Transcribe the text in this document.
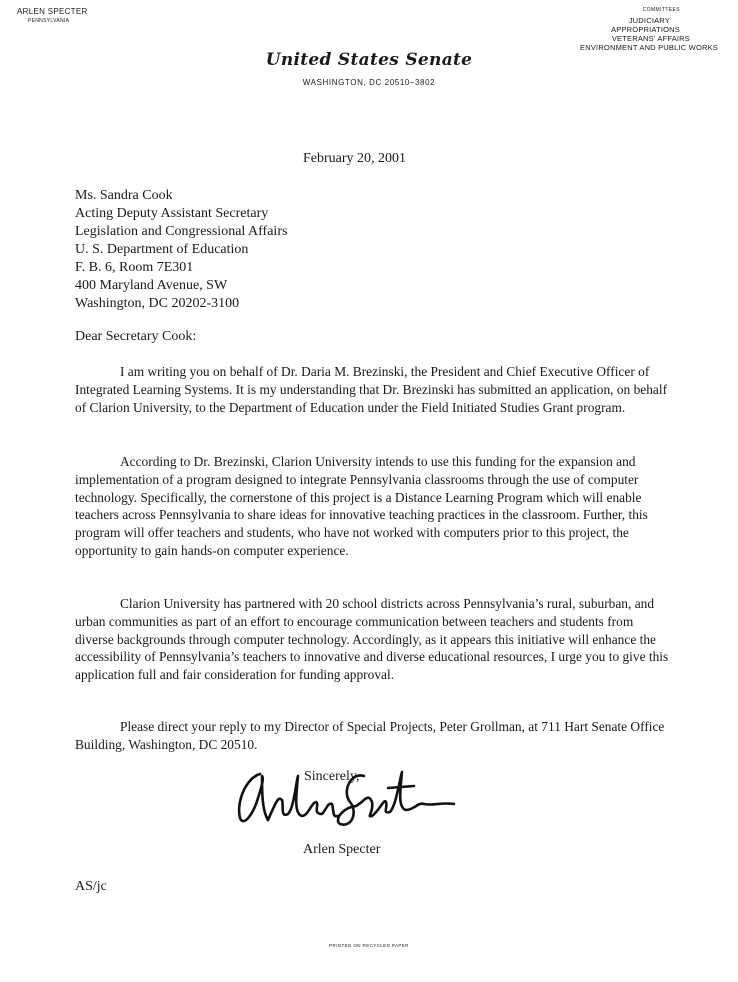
ARLEN SPECTER
PENNSYLVANIA
COMMITTEES
JUDICIARY
APPROPRIATIONS
VETERANS' AFFAIRS
ENVIRONMENT AND PUBLIC WORKS
United States Senate
WASHINGTON, DC 20510–3802
February 20, 2001
Ms. Sandra Cook
Acting Deputy Assistant Secretary
Legislation and Congressional Affairs
U. S. Department of Education
F. B. 6, Room 7E301
400 Maryland Avenue, SW
Washington, DC 20202-3100
Dear Secretary Cook:

I am writing you on behalf of Dr. Daria M. Brezinski, the President and Chief Executive Officer of Integrated Learning Systems. It is my understanding that Dr. Brezinski has submitted an application, on behalf of Clarion University, to the Department of Education under the Field Initiated Studies Grant program.

According to Dr. Brezinski, Clarion University intends to use this funding for the expansion and implementation of a program designed to integrate Pennsylvania classrooms through the use of computer technology. Specifically, the cornerstone of this project is a Distance Learning Program which will enable teachers across Pennsylvania to share ideas for innovative teaching practices in the classroom. Further, this program will offer teachers and students, who have not worked with computers prior to this project, the opportunity to gain hands-on computer experience.

Clarion University has partnered with 20 school districts across Pennsylvania’s rural, suburban, and urban communities as part of an effort to encourage communication between teachers and students from diverse backgrounds through computer technology. Accordingly, as it appears this initiative will enhance the accessibility of Pennsylvania’s teachers to innovative and diverse educational resources, I urge you to give this application full and fair consideration for funding approval.

Please direct your reply to my Director of Special Projects, Peter Grollman, at 711 Hart Senate Office Building, Washington, DC 20510.

Sincerely,
Arlen Specter
AS/jc
PRINTED ON RECYCLED PAPER
